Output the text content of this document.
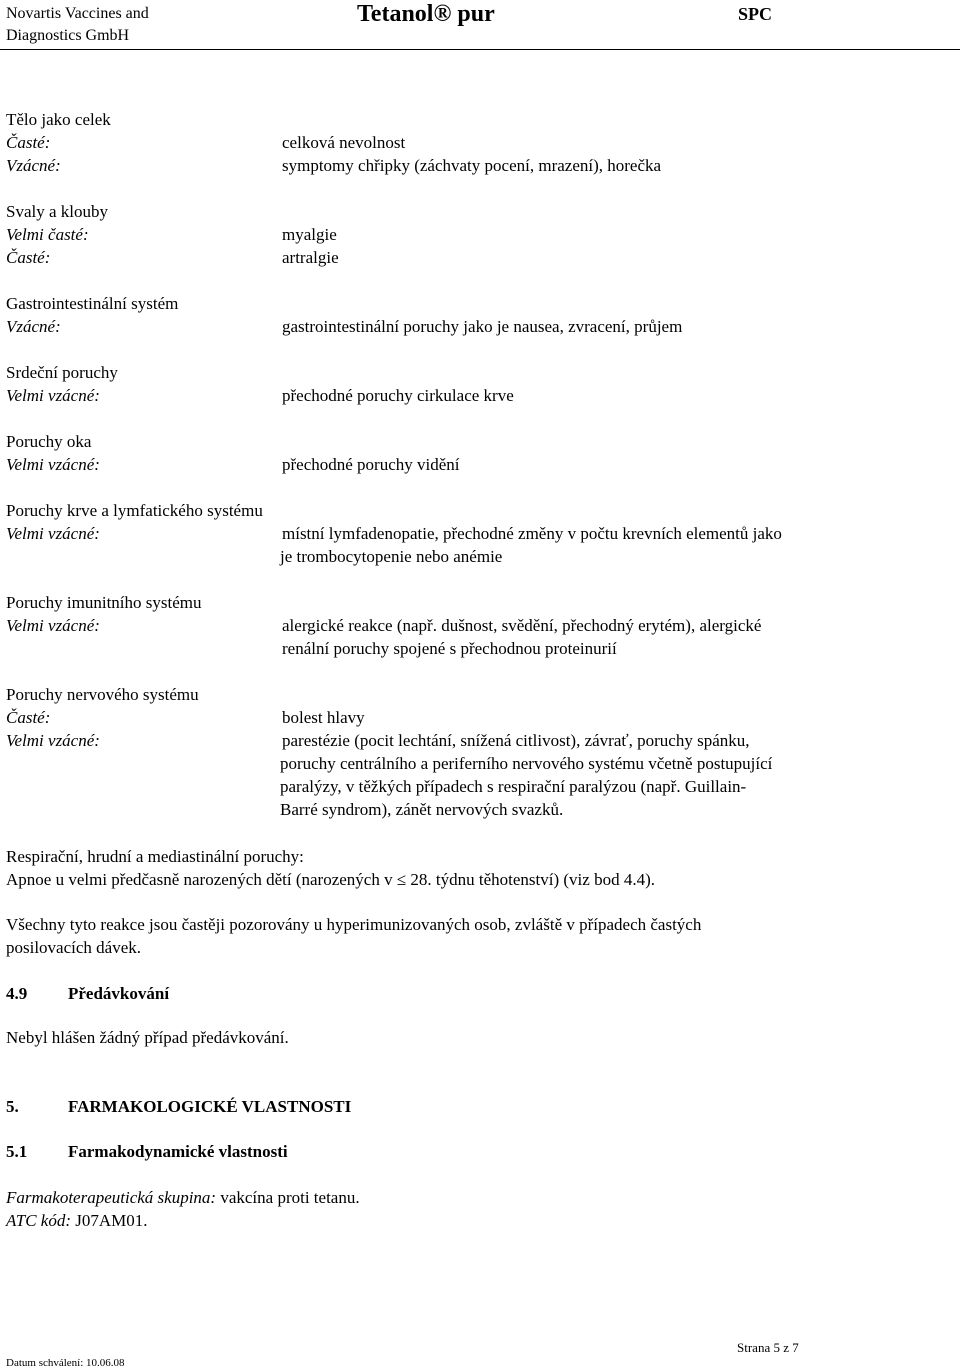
Novartis Vaccines and
Diagnostics GmbH
Tetanol® pur	SPC
Tělo jako celek
Časté:	celková nevolnost
Vzácné:	symptomy chřipky (záchvaty pocení, mrazení), horečka
Svaly a klouby
Velmi časté:	myalgie
Časté:	artralgie
Gastrointestinální systém
Vzácné:	gastrointestinální poruchy jako je nausea, zvracení, průjem
Srdeční poruchy
Velmi vzácné:	přechodné poruchy cirkulace krve
Poruchy oka
Velmi vzácné:	přechodné poruchy vidění
Poruchy krve a lymfatického systému
Velmi vzácné:	místní lymfadenopatie, přechodné změny v počtu krevních elementů jako
je trombocytopenie nebo anémie
Poruchy imunitního systému
Velmi vzácné:	alergické reakce (např. dušnost, svědění, přechodný erytém), alergické
renální poruchy spojené s přechodnou proteinurií
Poruchy nervového systému
Časté:	bolest hlavy
Velmi vzácné:	parestézie (pocit lechtání, snížená citlivost), závrať, poruchy spánku,
poruchy centrálního a periferního nervového systému včetně postupující
paralýzy, v těžkých případech s respirační paralýzou (např. Guillain-
Barré syndrom), zánět nervových svazků.
Respirační, hrudní a mediastinální poruchy:
Apnoe u velmi předčasně narozených dětí (narozených v ≤ 28. týdnu těhotenství) (viz bod 4.4).
Všechny tyto reakce jsou častěji pozorovány u hyperimunizovaných osob, zvláště v případech častých
posilovacích dávek.
4.9 Předávkování
Nebyl hlášen žádný případ předávkování.
5.	FARMAKOLOGICKÉ VLASTNOSTI
5.1 Farmakodynamické vlastnosti
Farmakoterapeutická skupina: vakcína proti tetanu.
ATC kód: J07AM01.
Strana 5 z 7
Datum schválení: 10.06.08
